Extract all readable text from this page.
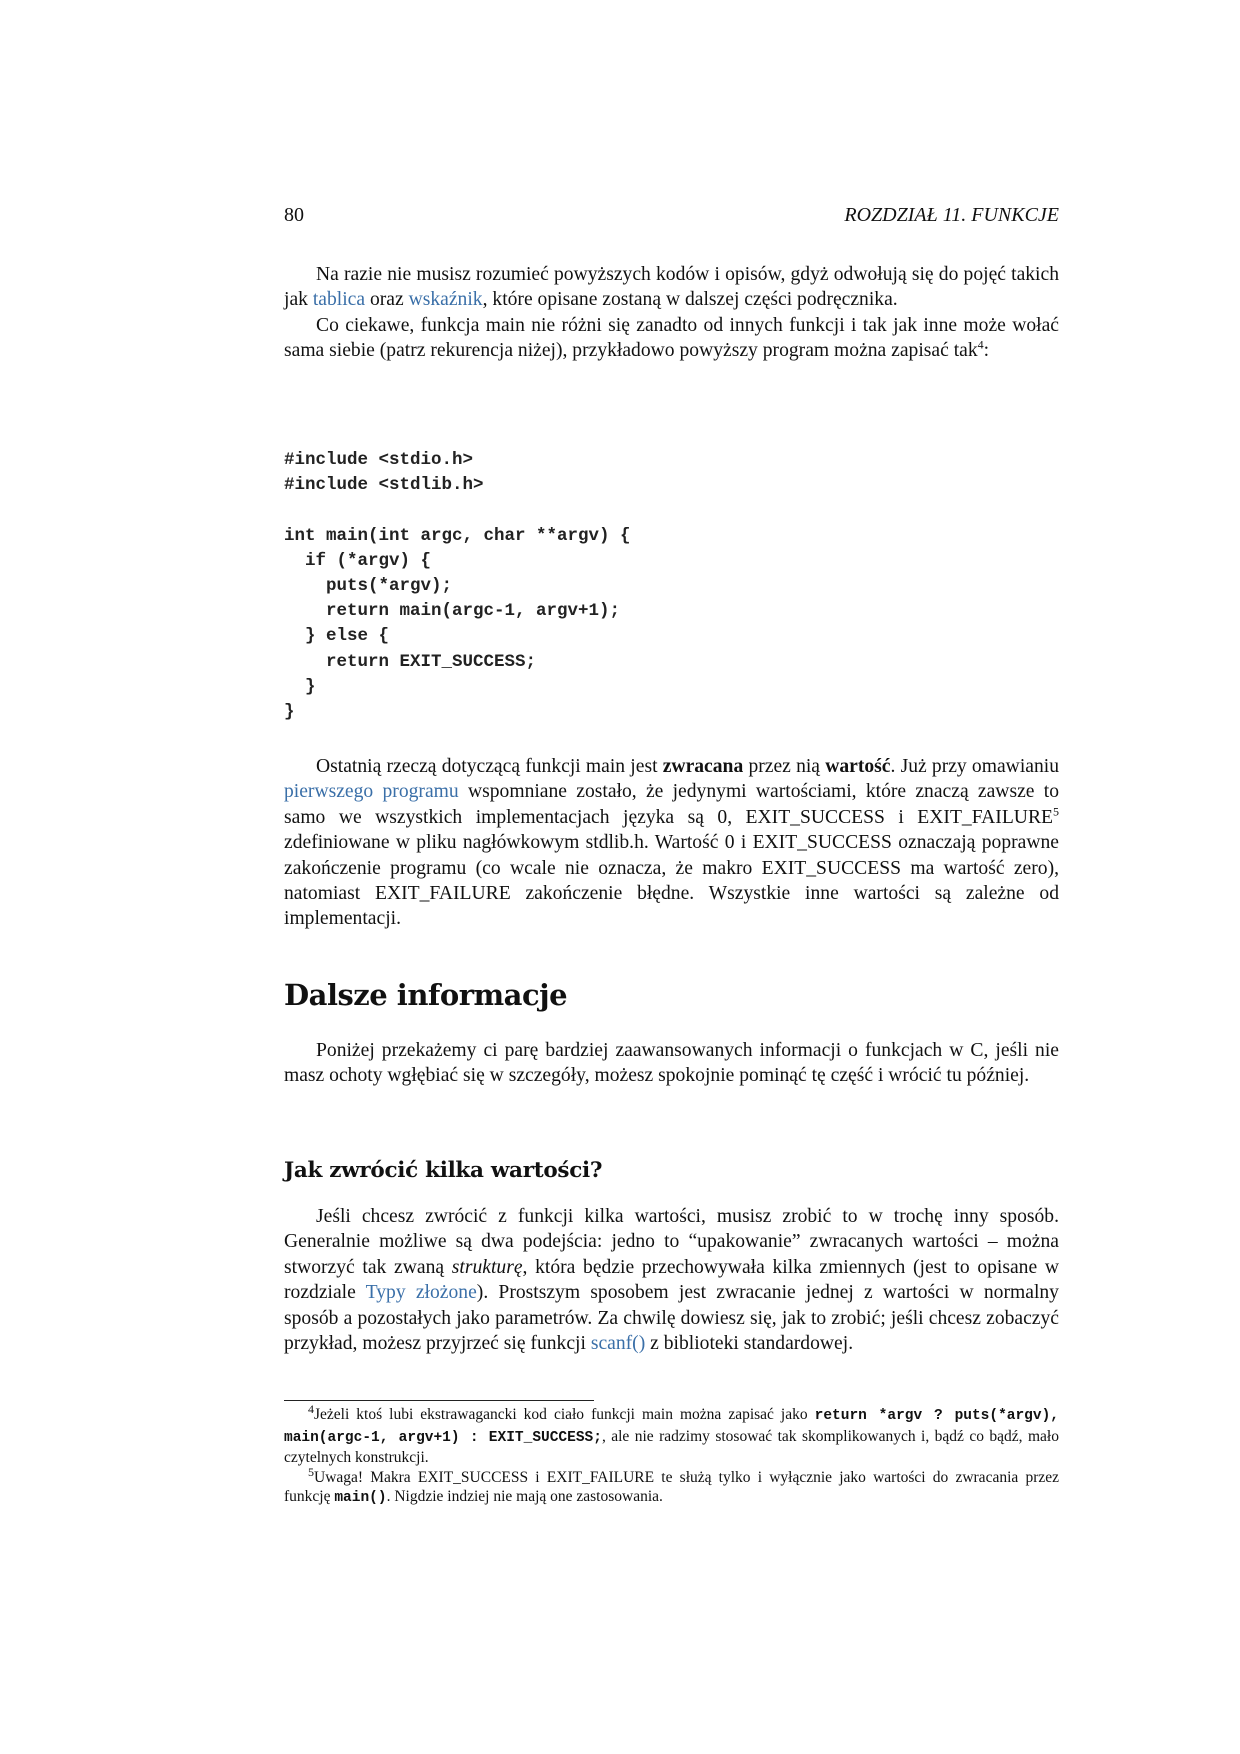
80	ROZDZIAŁ 11. FUNKCJE

Na razie nie musisz rozumieć powyższych kodów i opisów, gdyż odwołują się do pojęć takich jak tablica oraz wskaźnik, które opisane zostaną w dalszej części podręcznika.

Co ciekawe, funkcja main nie różni się zanadto od innych funkcji i tak jak inne może wołać sama siebie (patrz rekurencja niżej), przykładowo powyższy program można zapisać tak$^4$:

#include <stdio.h>
#include <stdlib.h>

int main(int argc, char **argv) {
if (*argv) {
puts(*argv);
return main(argc-1, argv+1);
} else {
return EXIT_SUCCESS;
}
}

Ostatnią rzeczą dotyczącą funkcji main jest zwracana przez nią wartość. Już przy omawianiu pierwszego programu wspomniane zostało, że jedynymi wartościami, które znaczą zawsze to samo we wszystkich implementacjach języka są 0, EXIT_SUCCESS i EXIT_FAILURE$^5$ zdefiniowane w pliku nagłówkowym stdlib.h. Wartość 0 i EXIT_SUCCESS oznaczają poprawne zakończenie programu (co wcale nie oznacza, że makro EXIT_SUCCESS ma wartość zero), natomiast EXIT_FAILURE zakończenie błędne. Wszystkie inne wartości są zależne od implementacji.

Dalsze informacje

Poniżej przekażemy ci parę bardziej zaawansowanych informacji o funkcjach w C, jeśli nie masz ochoty wgłębiać się w szczegóły, możesz spokojnie pominąć tę część i wrócić tu później.

Jak zwrócić kilka wartości?

Jeśli chcesz zwrócić z funkcji kilka wartości, musisz zrobić to w trochę inny sposób. Generalnie możliwe są dwa podejścia: jedno to “upakowanie” zwracanych wartości – można stworzyć tak zwaną strukturę, która będzie przechowywała kilka zmiennych (jest to opisane w rozdziale Typy złożone). Prostszym sposobem jest zwracanie jednej z wartości w normalny sposób a pozostałych jako parametrów. Za chwilę dowiesz się, jak to zrobić; jeśli chcesz zobaczyć przykład, możesz przyjrzeć się funkcji scanf() z biblioteki standardowej.

$^4$Jeżeli ktoś lubi ekstrawagancki kod ciało funkcji main można zapisać jako return *argv ? puts(*argv), main(argc-1, argv+1) : EXIT_SUCCESS;, ale nie radzimy stosować tak skomplikowanych i, bądź co bądź, mało czytelnych konstrukcji.

$^5$Uwaga! Makra EXIT_SUCCESS i EXIT_FAILURE te służą tylko i wyłącznie jako wartości do zwracania przez funkcję main(). Nigdzie indziej nie mają one zastosowania.
